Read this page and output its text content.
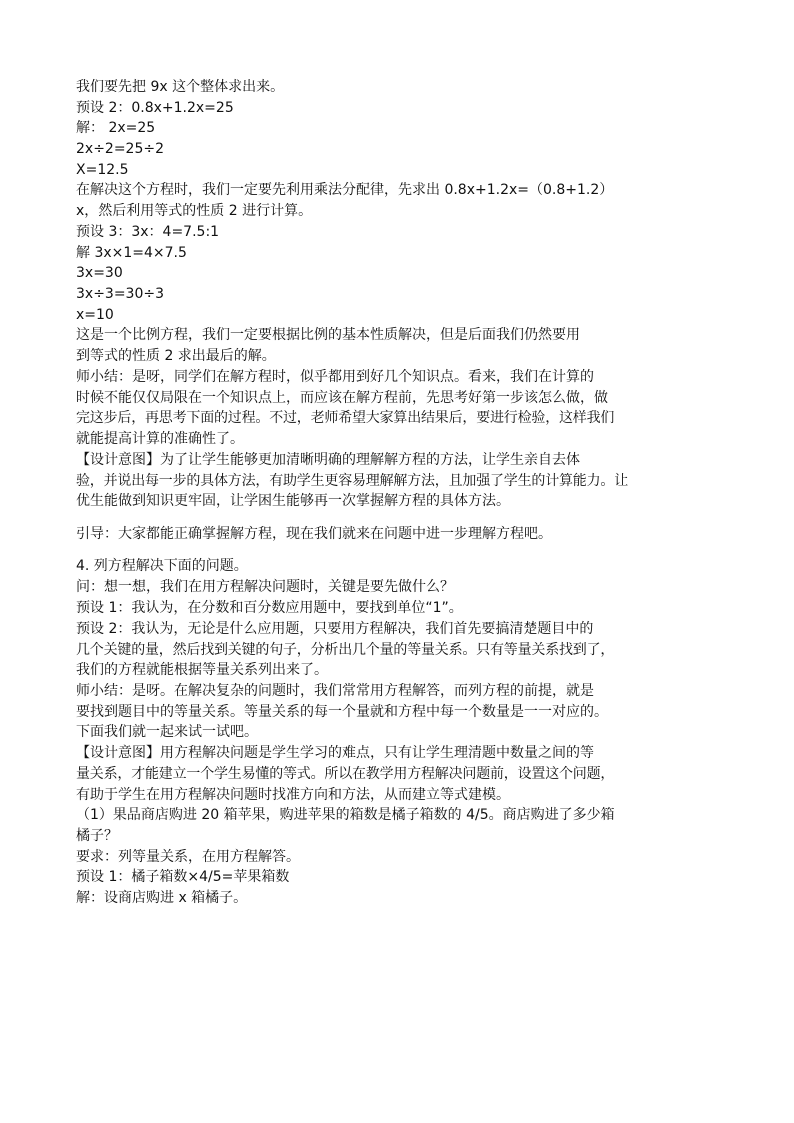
我们要先把 9x 这个整体求出来。
预设 2：0.8x+1.2x=25
解： 2x=25
2x÷2=25÷2
X=12.5
在解决这个方程时，我们一定要先利用乘法分配律，先求出 0.8x+1.2x=（0.8+1.2）
x，然后利用等式的性质 2 进行计算。
预设 3：3x：4=7.5:1
解 3x×1=4×7.5
3x=30
3x÷3=30÷3
x=10
这是一个比例方程，我们一定要根据比例的基本性质解决，但是后面我们仍然要用
到等式的性质 2 求出最后的解。
师小结：是呀，同学们在解方程时，似乎都用到好几个知识点。看来，我们在计算的
时候不能仅仅局限在一个知识点上，而应该在解方程前，先思考好第一步该怎么做，做
完这步后，再思考下面的过程。不过，老师希望大家算出结果后，要进行检验，这样我们
就能提高计算的准确性了。
【设计意图】为了让学生能够更加清晰明确的理解解方程的方法，让学生亲自去体
验，并说出每一步的具体方法，有助学生更容易理解解方法，且加强了学生的计算能力。让
优生能做到知识更牢固，让学困生能够再一次掌握解方程的具体方法。
引导：大家都能正确掌握解方程，现在我们就来在问题中进一步理解方程吧。
4. 列方程解决下面的问题。
问：想一想，我们在用方程解决问题时，关键是要先做什么？
预设 1：我认为，在分数和百分数应用题中，要找到单位“1”。
预设 2：我认为，无论是什么应用题，只要用方程解决，我们首先要搞清楚题目中的
几个关键的量，然后找到关键的句子，分析出几个量的等量关系。只有等量关系找到了，
我们的方程就能根据等量关系列出来了。
师小结：是呀。在解决复杂的问题时，我们常常用方程解答，而列方程的前提，就是
要找到题目中的等量关系。等量关系的每一个量就和方程中每一个数量是一一对应的。
下面我们就一起来试一试吧。
【设计意图】用方程解决问题是学生学习的难点，只有让学生理清题中数量之间的等
量关系，才能建立一个学生易懂的等式。所以在教学用方程解决问题前，设置这个问题，
有助于学生在用方程解决问题时找准方向和方法，从而建立等式建模。
（1）果品商店购进 20 箱苹果，购进苹果的箱数是橘子箱数的 4/5。商店购进了多少箱
橘子？
要求：列等量关系，在用方程解答。
预设 1：橘子箱数×4/5=苹果箱数
解：设商店购进 x 箱橘子。
